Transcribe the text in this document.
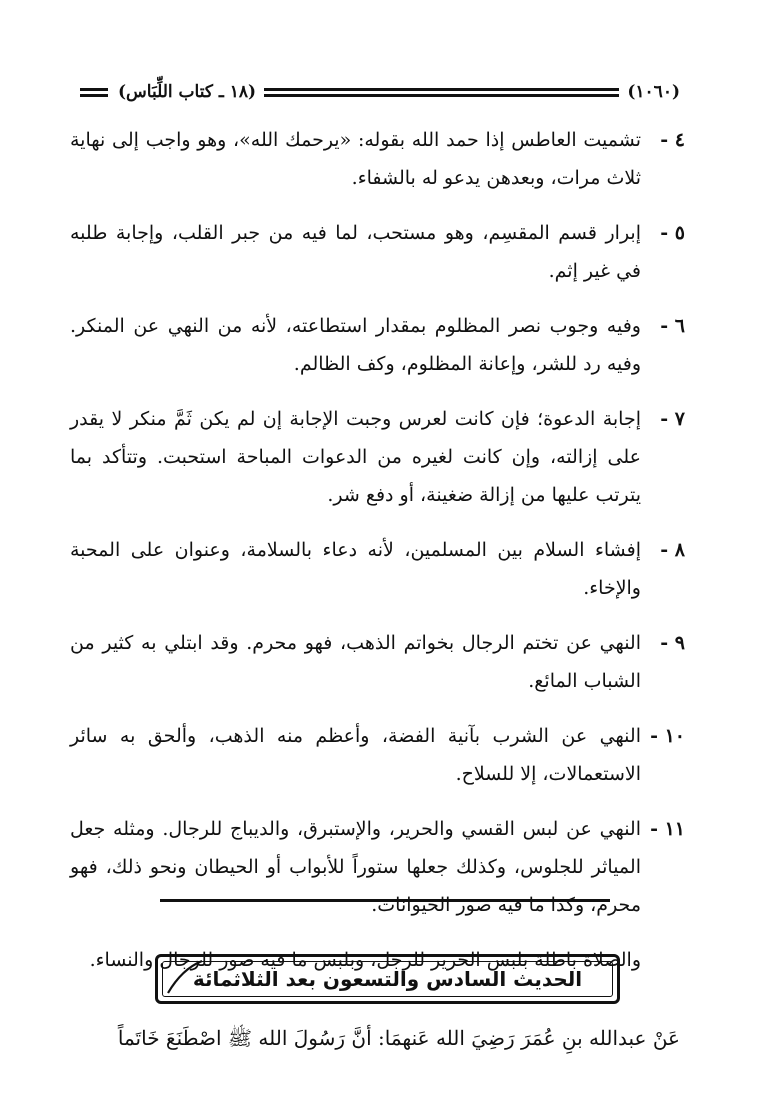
(١٨ ـ كتاب اللِّبَاس)	(١٠٦٠)
٤ -
تشميت العاطس إذا حمد الله بقوله: «يرحمك الله»، وهو واجب إلى نهاية ثلاث مرات، وبعدهن يدعو له بالشفاء.
٥ -
إبرار قسم المقسِم، وهو مستحب، لما فيه من جبر القلب، وإجابة طلبه في غير إثم.
٦ -
وفيه وجوب نصر المظلوم بمقدار استطاعته، لأنه من النهي عن المنكر. وفيه رد للشر، وإعانة المظلوم، وكف الظالم.
٧ -
إجابة الدعوة؛ فإن كانت لعرس وجبت الإجابة إن لم يكن ثَمَّ منكر لا يقدر على إزالته، وإن كانت لغيره من الدعوات المباحة استحبت. وتتأكد بما يترتب عليها من إزالة ضغينة، أو دفع شر.
٨ -
إفشاء السلام بين المسلمين، لأنه دعاء بالسلامة، وعنوان على المحبة والإخاء.
٩ -
النهي عن تختم الرجال بخواتم الذهب، فهو محرم. وقد ابتلي به كثير من الشباب المائع.
١٠ -
النهي عن الشرب بآنية الفضة، وأعظم منه الذهب، وألحق به سائر الاستعمالات، إلا للسلاح.
١١ -
النهي عن لبس القسي والحرير، والإستبرق، والديباج للرجال. ومثله جعل المياثر للجلوس، وكذلك جعلها ستوراً للأبواب أو الحيطان ونحو ذلك، فهو محرم، وكذا ما فيه صور الحيوانات.

والصلاة باطلة بلبس الحرير للرجل، وبلبس ما فيه صور للرجال والنساء.

الحديث السادس والتسعون بعد الثلاثمائة

عَنْ عبدالله بنِ عُمَرَ رَضِيَ الله عَنهمَا: أنَّ رَسُولَ الله ﷺ اصْطَنَعَ خَاتَماً
